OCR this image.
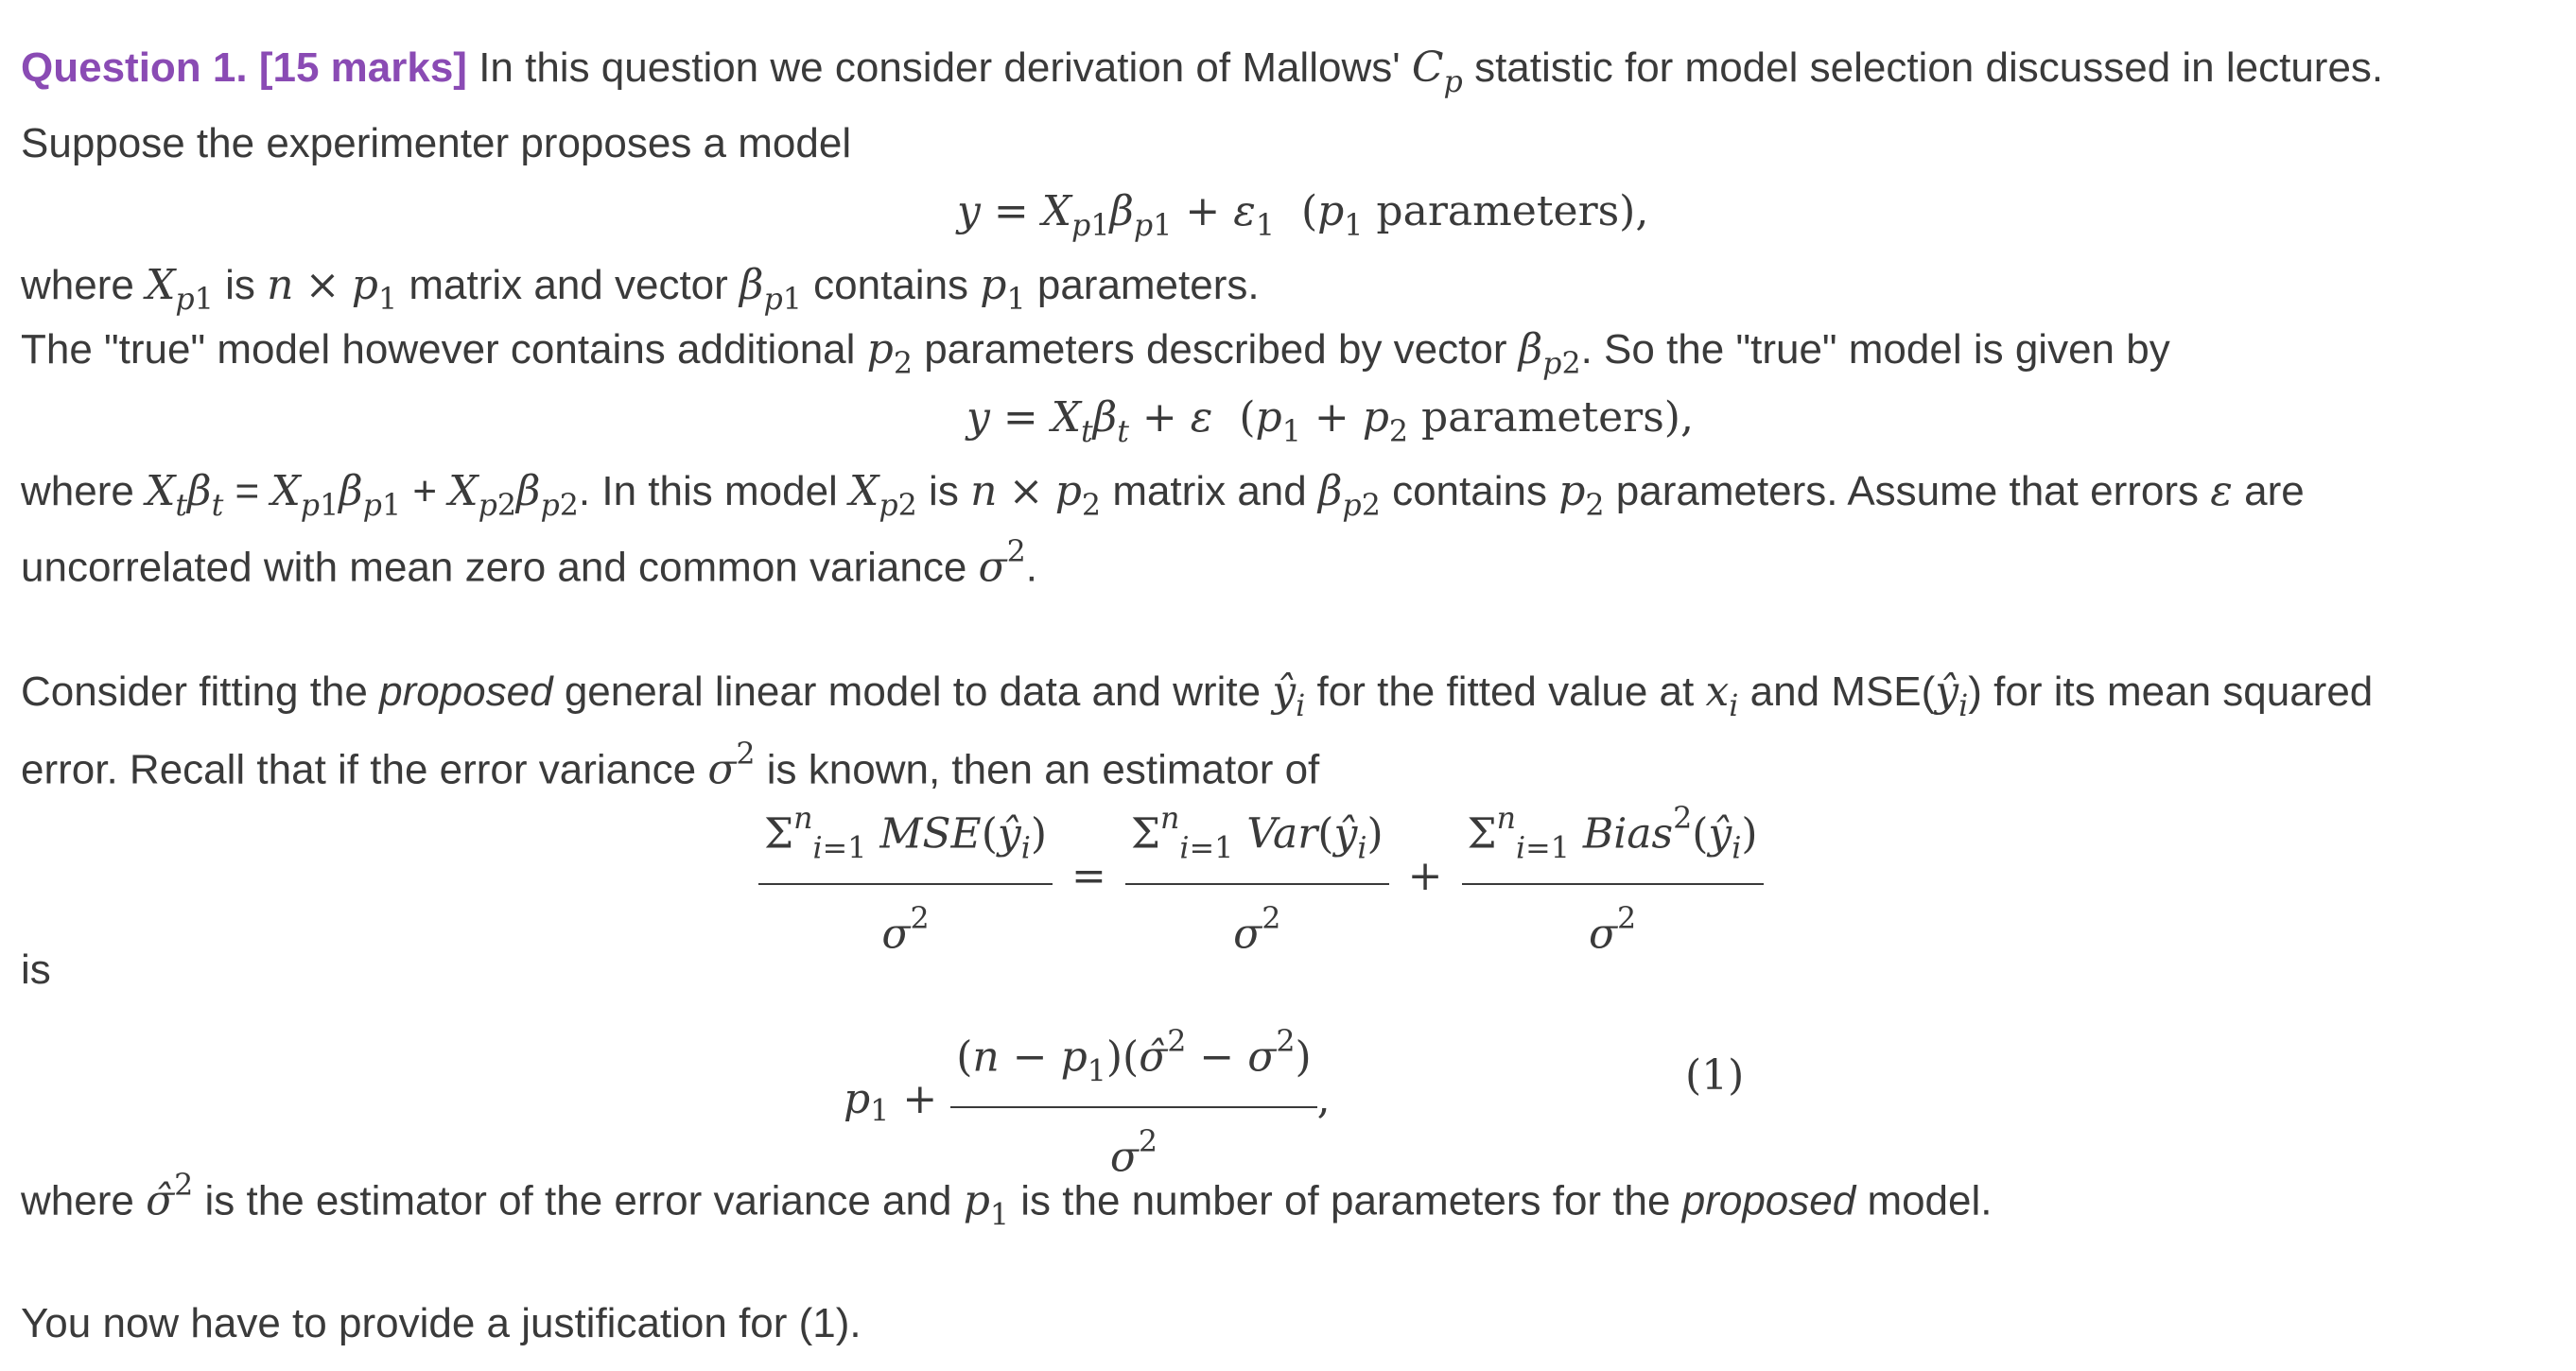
Question 1. [15 marks] In this question we consider derivation of Mallows' $C_p$ statistic for model selection discussed in lectures.
Suppose the experimenter proposes a model
$y = X_{p1}\beta_{p1} + \varepsilon_1$  ($p_1$ parameters),
where $X_{p1}$ is $n \times p_1$ matrix and vector $\beta_{p1}$ contains $p_1$ parameters.
The "true" model however contains additional $p_2$ parameters described by vector $\beta_{p2}$. So the "true" model is given by
$y = X_t\beta_t + \varepsilon$  ($p_1 + p_2$ parameters),
where $X_t\beta_t = X_{p1}\beta_{p1} + X_{p2}\beta_{p2}$. In this model $X_{p2}$ is $n \times p_2$ matrix and $\beta_{p2}$ contains $p_2$ parameters. Assume that errors ε are
uncorrelated with mean zero and common variance $\sigma^2$.
Consider fitting the proposed general linear model to data and write $ŷ_i$ for the fitted value at $x_i$ and $MSE(ŷ_i)$ for its mean squared
error. Recall that if the error variance $\sigma^2$ is known, then an estimator of
$\frac{\Sigma^n_{i=1} MSE(ŷ_i)}{\sigma^2} = \frac{\Sigma^n_{i=1} Var(ŷ_i)}{\sigma^2} + \frac{\Sigma^n_{i=1} Bias^2(ŷ_i)}{\sigma^2}$
is
$p_1 + \frac{(n - p_1)(\sigmâ^2 - \sigma^2)}{\sigma^2}$ ,	(1)
where σ̂$^2$ is the estimator of the error variance and $p_1$ is the number of parameters for the proposed model.
You now have to provide a justification for (1).
